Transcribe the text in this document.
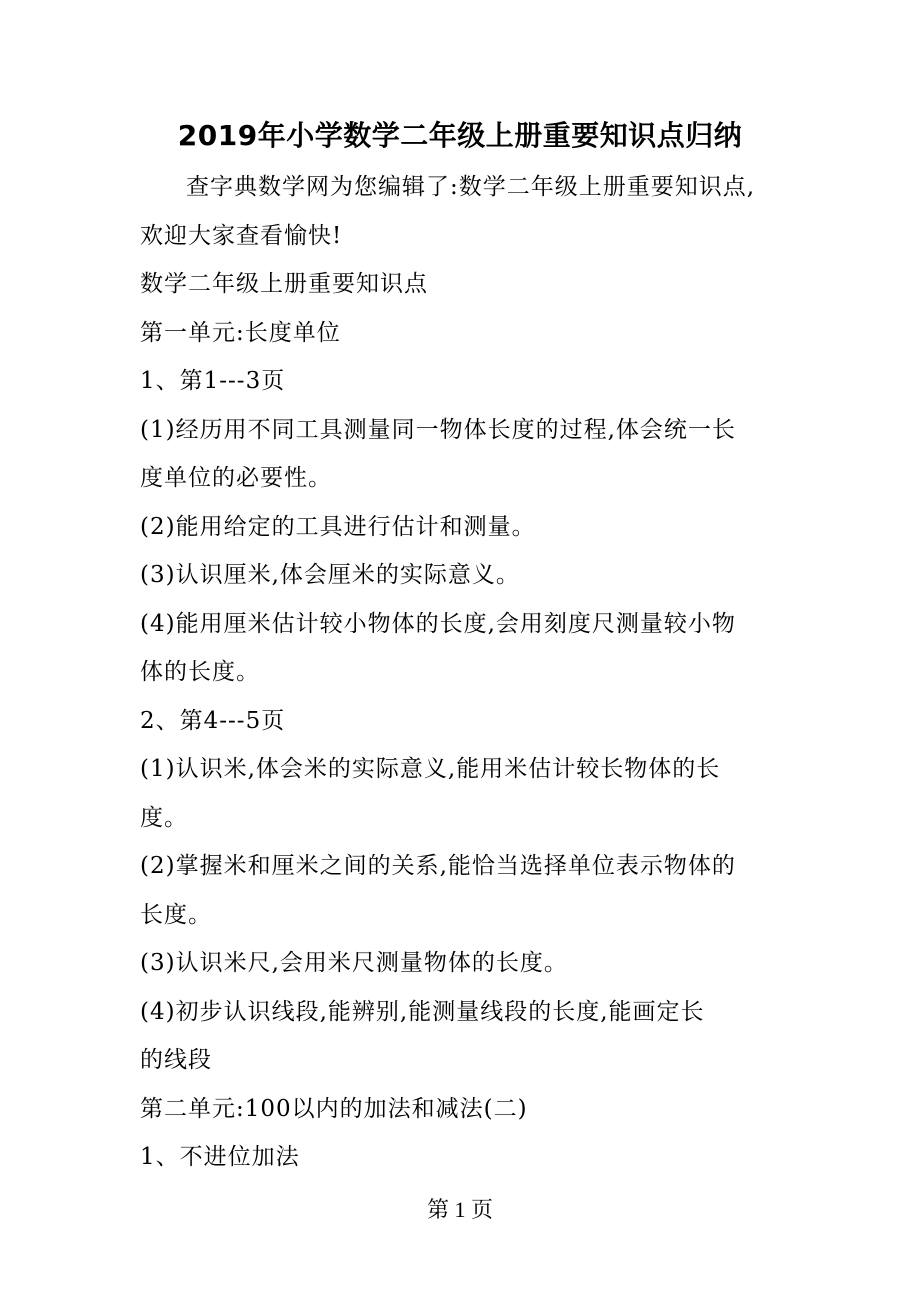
2019年小学数学二年级上册重要知识点归纳
查字典数学网为您编辑了:数学二年级上册重要知识点,
欢迎大家查看愉快!
数学二年级上册重要知识点
第一单元:长度单位
1、第1---3页
(1)经历用不同工具测量同一物体长度的过程,体会统一长
度单位的必要性。
(2)能用给定的工具进行估计和测量。
(3)认识厘米,体会厘米的实际意义。
(4)能用厘米估计较小物体的长度,会用刻度尺测量较小物
体的长度。
2、第4---5页
(1)认识米,体会米的实际意义,能用米估计较长物体的长
度。
(2)掌握米和厘米之间的关系,能恰当选择单位表示物体的
长度。
(3)认识米尺,会用米尺测量物体的长度。
(4)初步认识线段,能辨别,能测量线段的长度,能画定长
的线段
第二单元:100以内的加法和减法(二)
1、不进位加法
第 1 页
